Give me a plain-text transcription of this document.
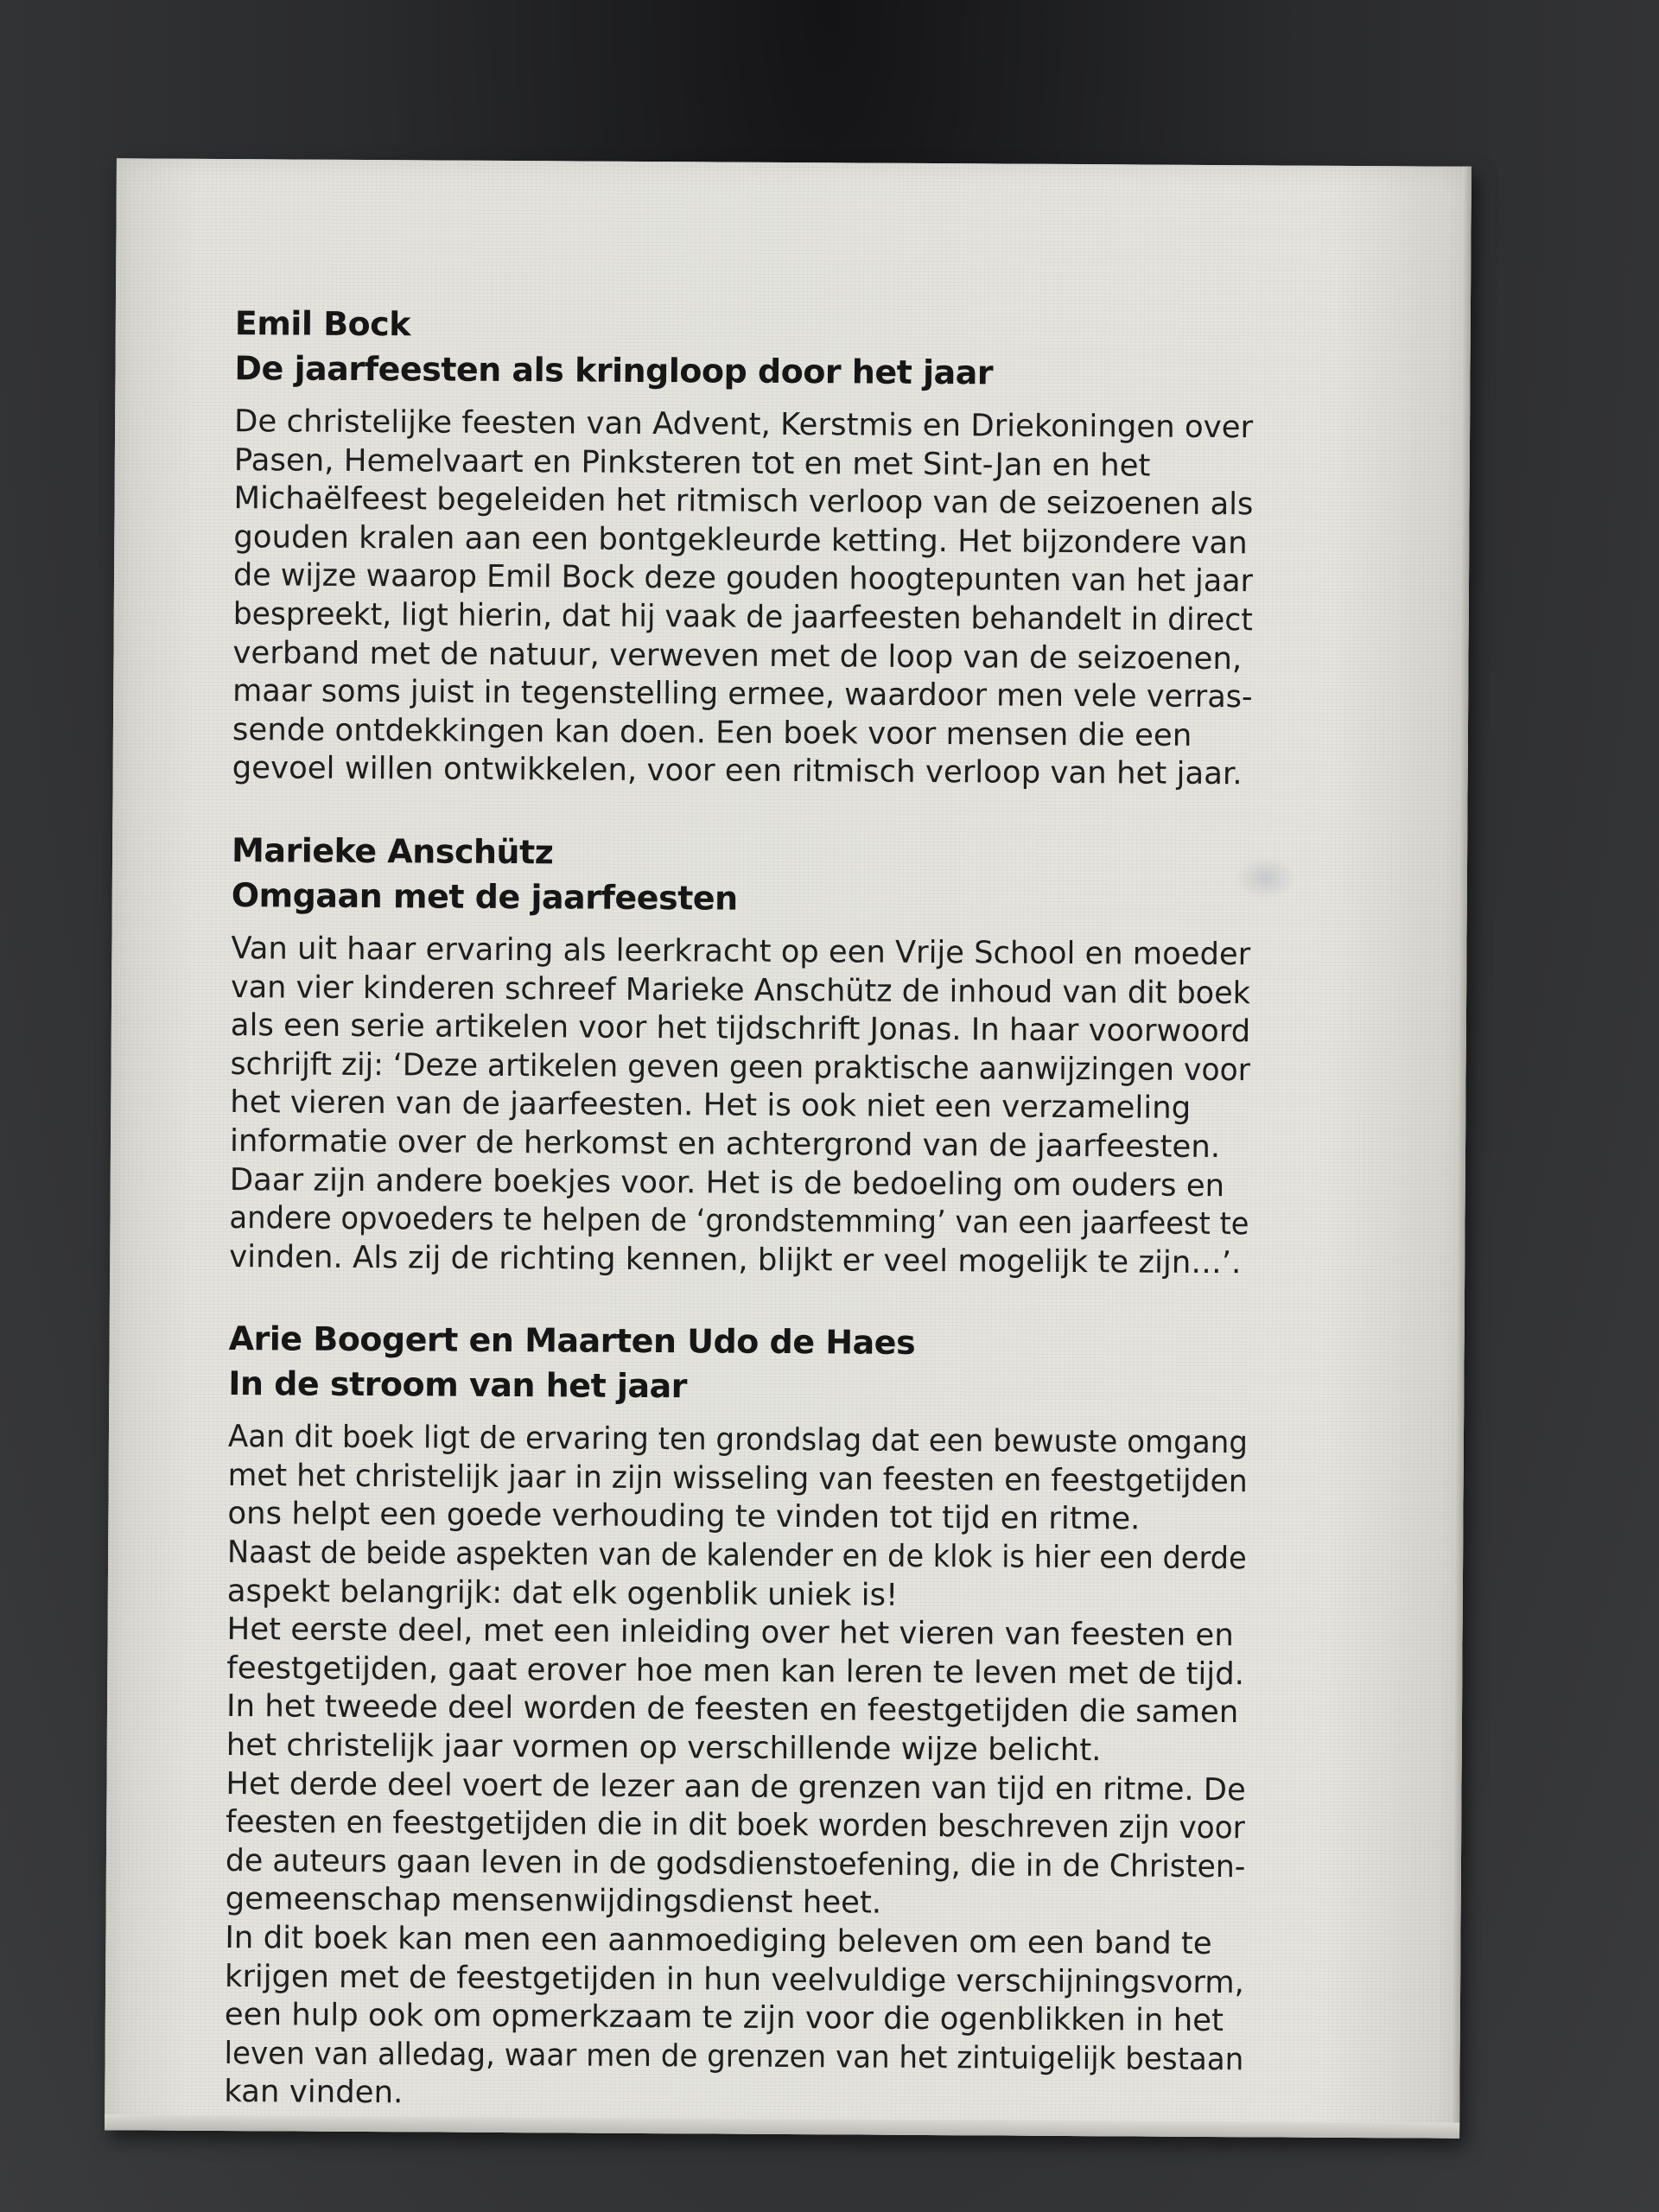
Emil Bock
De jaarfeesten als kringloop door het jaar
De christelijke feesten van Advent, Kerstmis en Driekoningen over
Pasen, Hemelvaart en Pinksteren tot en met Sint-Jan en het
Michaëlfeest begeleiden het ritmisch verloop van de seizoenen als
gouden kralen aan een bontgekleurde ketting. Het bijzondere van
de wijze waarop Emil Bock deze gouden hoogtepunten van het jaar
bespreekt, ligt hierin, dat hij vaak de jaarfeesten behandelt in direct
verband met de natuur, verweven met de loop van de seizoenen,
maar soms juist in tegenstelling ermee, waardoor men vele verras-
sende ontdekkingen kan doen. Een boek voor mensen die een
gevoel willen ontwikkelen, voor een ritmisch verloop van het jaar.
Marieke Anschütz
Omgaan met de jaarfeesten
Van uit haar ervaring als leerkracht op een Vrije School en moeder
van vier kinderen schreef Marieke Anschütz de inhoud van dit boek
als een serie artikelen voor het tijdschrift Jonas. In haar voorwoord
schrijft zij: ‘Deze artikelen geven geen praktische aanwijzingen voor
het vieren van de jaarfeesten. Het is ook niet een verzameling
informatie over de herkomst en achtergrond van de jaarfeesten.
Daar zijn andere boekjes voor. Het is de bedoeling om ouders en
andere opvoeders te helpen de ‘grondstemming’ van een jaarfeest te
vinden. Als zij de richting kennen, blijkt er veel mogelijk te zijn…’.
Arie Boogert en Maarten Udo de Haes
In de stroom van het jaar
Aan dit boek ligt de ervaring ten grondslag dat een bewuste omgang
met het christelijk jaar in zijn wisseling van feesten en feestgetijden
ons helpt een goede verhouding te vinden tot tijd en ritme.
Naast de beide aspekten van de kalender en de klok is hier een derde
aspekt belangrijk: dat elk ogenblik uniek is!
Het eerste deel, met een inleiding over het vieren van feesten en
feestgetijden, gaat erover hoe men kan leren te leven met de tijd.
In het tweede deel worden de feesten en feestgetijden die samen
het christelijk jaar vormen op verschillende wijze belicht.
Het derde deel voert de lezer aan de grenzen van tijd en ritme. De
feesten en feestgetijden die in dit boek worden beschreven zijn voor
de auteurs gaan leven in de godsdienstoefening, die in de Christen-
gemeenschap mensenwijdingsdienst heet.
In dit boek kan men een aanmoediging beleven om een band te
krijgen met de feestgetijden in hun veelvuldige verschijningsvorm,
een hulp ook om opmerkzaam te zijn voor die ogenblikken in het
leven van alledag, waar men de grenzen van het zintuigelijk bestaan
kan vinden.
